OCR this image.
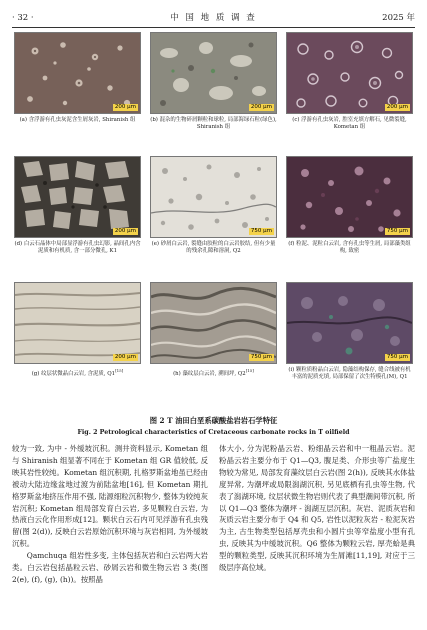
· 32 ·	中 国 地 质 调 查	2025 年
200 μm
(a) 含浮游有孔虫灰泥含生屑灰岩, Shiranish 组
200 μm
(b) 混杂的生物碎屑颗粒和球粒, 局部海绿石粒(绿色), Shiranish 组
200 μm
(c) 浮游有孔虫灰岩, 腔室充填方解石, 见微裂缝, Kometan 组
200 μm
(d) 白云石晶体中局部显浮游有孔虫幻影, 晶间孔内含泥质和有机质, 含一部分微孔, K1
750 μm
(e) 砂屑白云岩, 裂缝由胶粒的白云岩胶结, 但有少量的残余孔隙和溶洞, Q2
750 μm
(f) 粒泥、泥粒白云岩, 含有孔虫等生屑, 局部藻类组构, 致密
200 μm
(g) 纹层状微晶白云岩, 含泥质, Q1[15]
750 μm
(h) 藻纹层白云岩, 溯间坪, Q2[15]
750 μm
(i) 颗粒质粉晶白云岩, 隐藻结构保存, 缝合线被有机丰富的泥质充填, 局部保留了次生特模孔(M), Q1
图 2 T 油田白垩系碳酸盐岩岩石学特征
Fig. 2 Petrological characteristics of Cretaceous carbonate rocks in T oilfield

较为一致, 为中 - 外缓坡沉积。测井资料显示, Kometan 组与 Shiranish 组显著不同在于 Kometan 组 GR 值较低, 反映其岩性较纯。Kometan 组沉积期, 扎格罗斯盆地虽已经由被动大陆边缘盆地过渡为前陆盆地[16], 但 Kometan 期扎格罗斯盆地挤压作用不强, 陆源细粒沉积物少, 整体为较纯灰岩沉积; Kometan 组局部发育白云岩, 多见颗粒白云岩, 为热液白云化作用形成[12]。颗状白云石内可见浮游有孔虫残留(图 2(d)), 反映白云岩原始沉积环境与灰岩相同, 为外缓坡沉积。

Qamchuqa 组岩性多变, 主体包括灰岩和白云岩两大岩类。白云岩包括晶粒云岩、砂屑云岩和微生物云岩 3 类(图 2(e), (f), (g), (h))。按照晶

体大小, 分为泥粉晶云岩、粉细晶云岩和中一粗晶云岩。泥粉晶云岩主要分布于 Q1—Q3, 腹足类、介形虫等广盐度生物较为常见, 局部发育藻纹层白云岩(图 2(h)), 反映其水体盐度异常, 为潮坪或局限潟湖沉积, 另见底栖有孔虫等生物, 代表了潟湖环境, 纹层状微生物岩则代表了典型潮间带沉积, 所以 Q1—Q3 整体为潮坪 - 潟湖互层沉积。灰岩、泥质灰岩和灰质云岩主要分布于 Q4 和 Q5, 岩性以泥粒灰岩 - 粒泥灰岩为主, 古生物类型包括厚壳虫和小圆片虫等窄盐度小型有孔虫, 反映其为中缓坡沉积。Q6 整体为颗粒云岩, 厚壳蛤是典型的颗粒类型, 反映其沉积环境为生屑滩[11,19], 对应于三级层序高位域。
